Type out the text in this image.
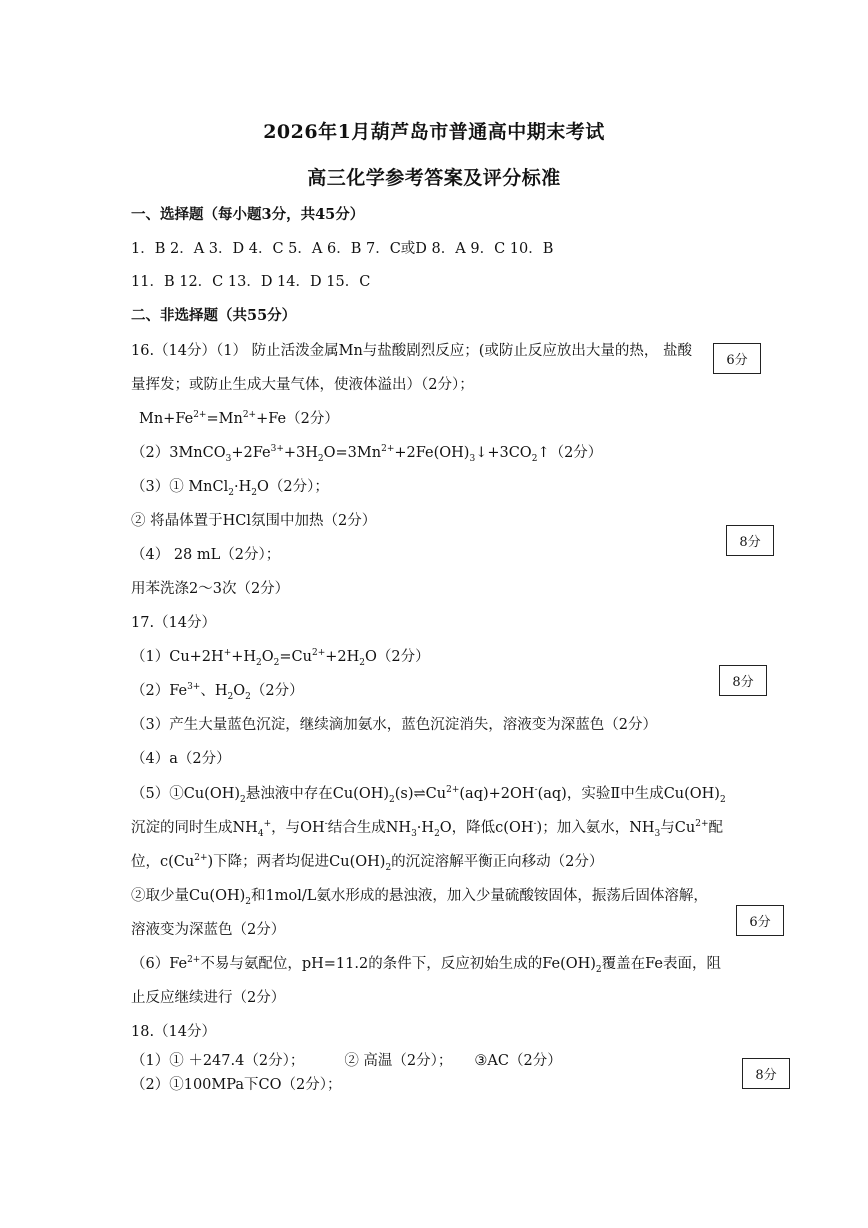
2026年1月葫芦岛市普通高中期末考试
高三化学参考答案及评分标准
一、选择题（每小题3分，共45分）
1．B 2．A 3．D 4．C 5．A 6．B 7．C或D 8．A 9．C 10．B
11．B 12．C 13．D 14．D 15．C
二、非选择题（共55分）
16.（14分）（1） 防止活泼金属Mn与盐酸剧烈反应；(或防止反应放出大量的热， 盐酸
量挥发；或防止生成大量气体，使液体溢出）（2分）；
$Mn+Fe^{2+}=Mn^{2+}+Fe(2$分）
$(2)3MnCO_3+2Fe^{3+}+3H_2O=3Mn^{2+}+2Fe(OH)_3↓+3CO_2↑(2$分）
（3）① $MnCl_2\cdot H_2O(2$分）；
② 将晶体置于HCl氛围中加热（2分）
（4） 28 mL（2分）；
用苯洗涤2～3次（2分）
17.（14分）
$(1)Cu+2H^++H_2O_2=Cu^{2+}+2H_2O(2$分）
$(2)Fe^{3+}$、$H_2O_2(2$分）
（3）产生大量蓝色沉淀，继续滴加氨水，蓝色沉淀消失，溶液变为深蓝色（2分）
（4）a（2分）
$(5)①Cu(OH)_2$悬浊液中存在$Cu(OH)_2(s)\rightleftharpoons Cu^{2+}(aq)+2OH^-(aq)$，实验Ⅱ中生成$Cu(OH)_2$
沉淀的同时生成$NH_4^+$，与OH-结合生成$NH_3\cdot H_2O$，降低c(OH-)；加入氨水，$NH_3$与$Cu^{2+}$配
位，$c(Cu^{2+})$下降；两者均促进$Cu(OH)_2$的沉淀溶解平衡正向移动（2分）
②取少量$Cu(OH)_2$和1mol/L氨水形成的悬浊液，加入少量硫酸铵固体，振荡后固体溶解，
溶液变为深蓝色（2分）
$(6)Fe^{2+}$不易与氨配位，pH=11.2的条件下，反应初始生成的$Fe(OH)_2$覆盖在Fe表面，阻
止反应继续进行（2分）
18.（14分）
（1）① ＋247.4（2分）；	② 高温（2分）； ③AC（2分）
（2）①100MPa下CO（2分）；
6分
8分
8分
6分
8分
